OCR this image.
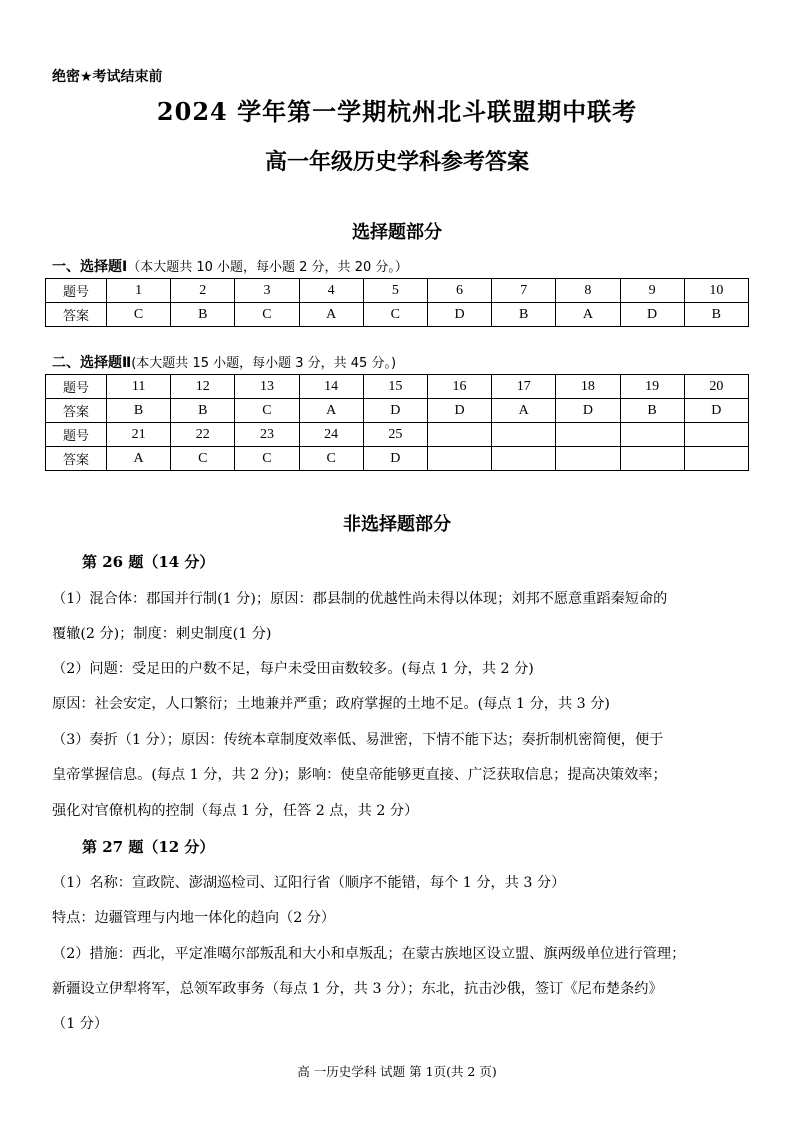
绝密★考试结束前
2024 学年第一学期杭州北斗联盟期中联考
高一年级历史学科参考答案
选择题部分
一、选择题Ⅰ（本大题共 10 小题，每小题 2 分，共 20 分。）
题号	1	2	3	4	5	6	7	8	9	10
答案	C	B	C	A	C	D	B	A	D	B
二、选择题Ⅱ(本大题共 15 小题，每小题 3 分，共 45 分。)
题号	11	12	13	14	15	16	17	18	19	20
答案	B	B	C	A	D	D	A	D	B	D
题号	21	22	23	24	25					
答案	A	C	C	C	D					
非选择题部分
第 26 题（14 分）
（1）混合体：郡国并行制(1 分)；原因：郡县制的优越性尚未得以体现；刘邦不愿意重蹈秦短命的
覆辙(2 分)；制度：刺史制度(1 分)
（2）问题：受足田的户数不足，每户未受田亩数较多。(每点 1 分，共 2 分)
原因：社会安定，人口繁衍；土地兼并严重；政府掌握的土地不足。(每点 1 分，共 3 分)
（3）奏折（1 分）；原因：传统本章制度效率低、易泄密，下情不能下达；奏折制机密简便，便于
皇帝掌握信息。(每点 1 分，共 2 分)；影响：使皇帝能够更直接、广泛获取信息；提高决策效率；
强化对官僚机构的控制（每点 1 分，任答 2 点，共 2 分）
第 27 题（12 分）
（1）名称：宣政院、澎湖巡检司、辽阳行省（顺序不能错，每个 1 分，共 3 分）
特点：边疆管理与内地一体化的趋向（2 分）
（2）措施：西北，平定准噶尔部叛乱和大小和卓叛乱；在蒙古族地区设立盟、旗两级单位进行管理；
新疆设立伊犁将军，总领军政事务（每点 1 分，共 3 分）；东北，抗击沙俄，签订《尼布楚条约》
（1 分）
高 一历史学科 试题 第 1页(共 2 页)
